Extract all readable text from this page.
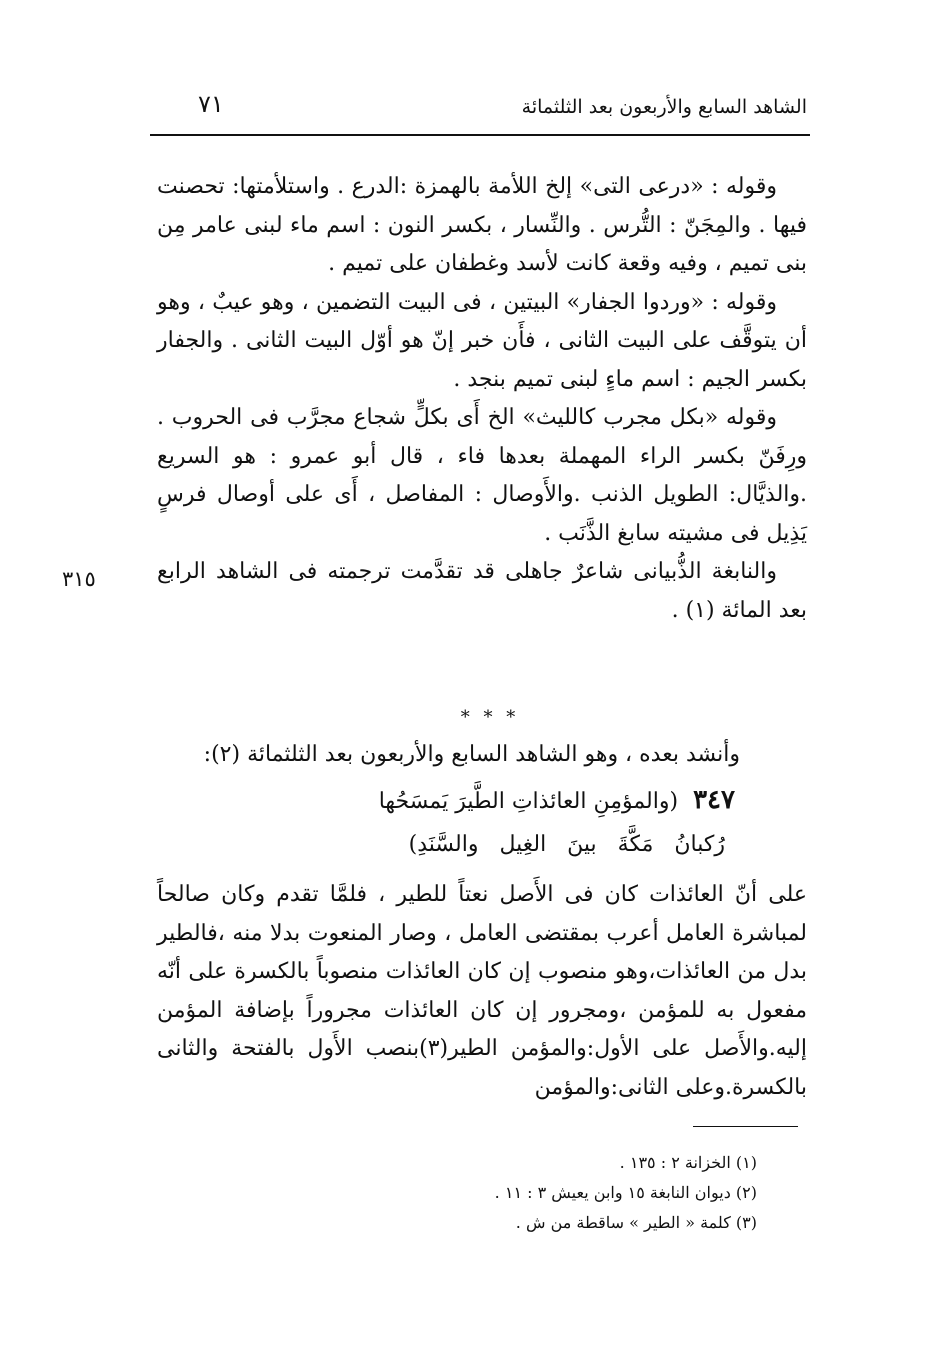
الشاهد السابع والأربعون بعد الثلثمائة
٧١
٣١٥

وقوله : «درعى التى» إلخ اللأمة بالهمزة :الدرع . واستلأمتها: تحصنت فيها . والمِجَنّ : التُّرس . والنِّسار ، بكسر النون : اسم ماء لبنى عامر مِن بنى تميم ، وفيه وقعة كانت لأسد وغطفان على تميم .

وقوله : «وردوا الجفار» البيتين ، فى البيت التضمين ، وهو عيبٌ ، وهو أن يتوقَّف على البيت الثانى ، فأَن خبر إنّ هو أوّل البيت الثانى . والجفار بكسر الجيم : اسم ماءٍ لبنى تميم بنجد .

وقوله «بكل مجرب كالليث» الخ أَى بكلٍّ شجاع مجرَّب فى الحروب . ورِفَنّ بكسر الراء المهملة بعدها فاء ، قال أبو عمرو : هو السريع .والذيَّال: الطويل الذنب .والأَوصال : المفاصل ، أَى على أوصال فرسٍ يَذِيل فى مشيته سابغ الذَّنَب .

والنابغة الذُّبيانى شاعرٌ جاهلى قد تقدَّمت ترجمته فى الشاهد الرابع بعد المائة (١) .

* * *
وأنشد بعده ، وهو الشاهد السابع والأربعون بعد الثلثمائة (٢):
٣٤٧ (والمؤمِنِ العائذاتِ الطَّيرَ يَمسَحُها
رُكبانُ مَكَّةَ بينَ الغِيل والسَّنَدِ)

على أنّ العائذات كان فى الأَصل نعتاً للطير ، فلمَّا تقدم وكان صالحاً لمباشرة العامل أعرب بمقتضى العامل ، وصار المنعوت بدلا منه ،فالطير بدل من العائذات،وهو منصوب إن كان العائذات منصوباً بالكسرة على أنّه مفعول به للمؤمن ،ومجرور إن كان العائذات مجروراً بإضافة المؤمن إليه.والأَصل على الأول:والمؤمن الطير(٣)بنصب الأَول بالفتحة والثانى بالكسرة.وعلى الثانى:والمؤمن

(١) الخزانة ٢ : ١٣٥ .

(٢) ديوان النابغة ١٥ وابن يعيش ٣ : ١١ .

(٣) كلمة « الطير » ساقطة من ش .
